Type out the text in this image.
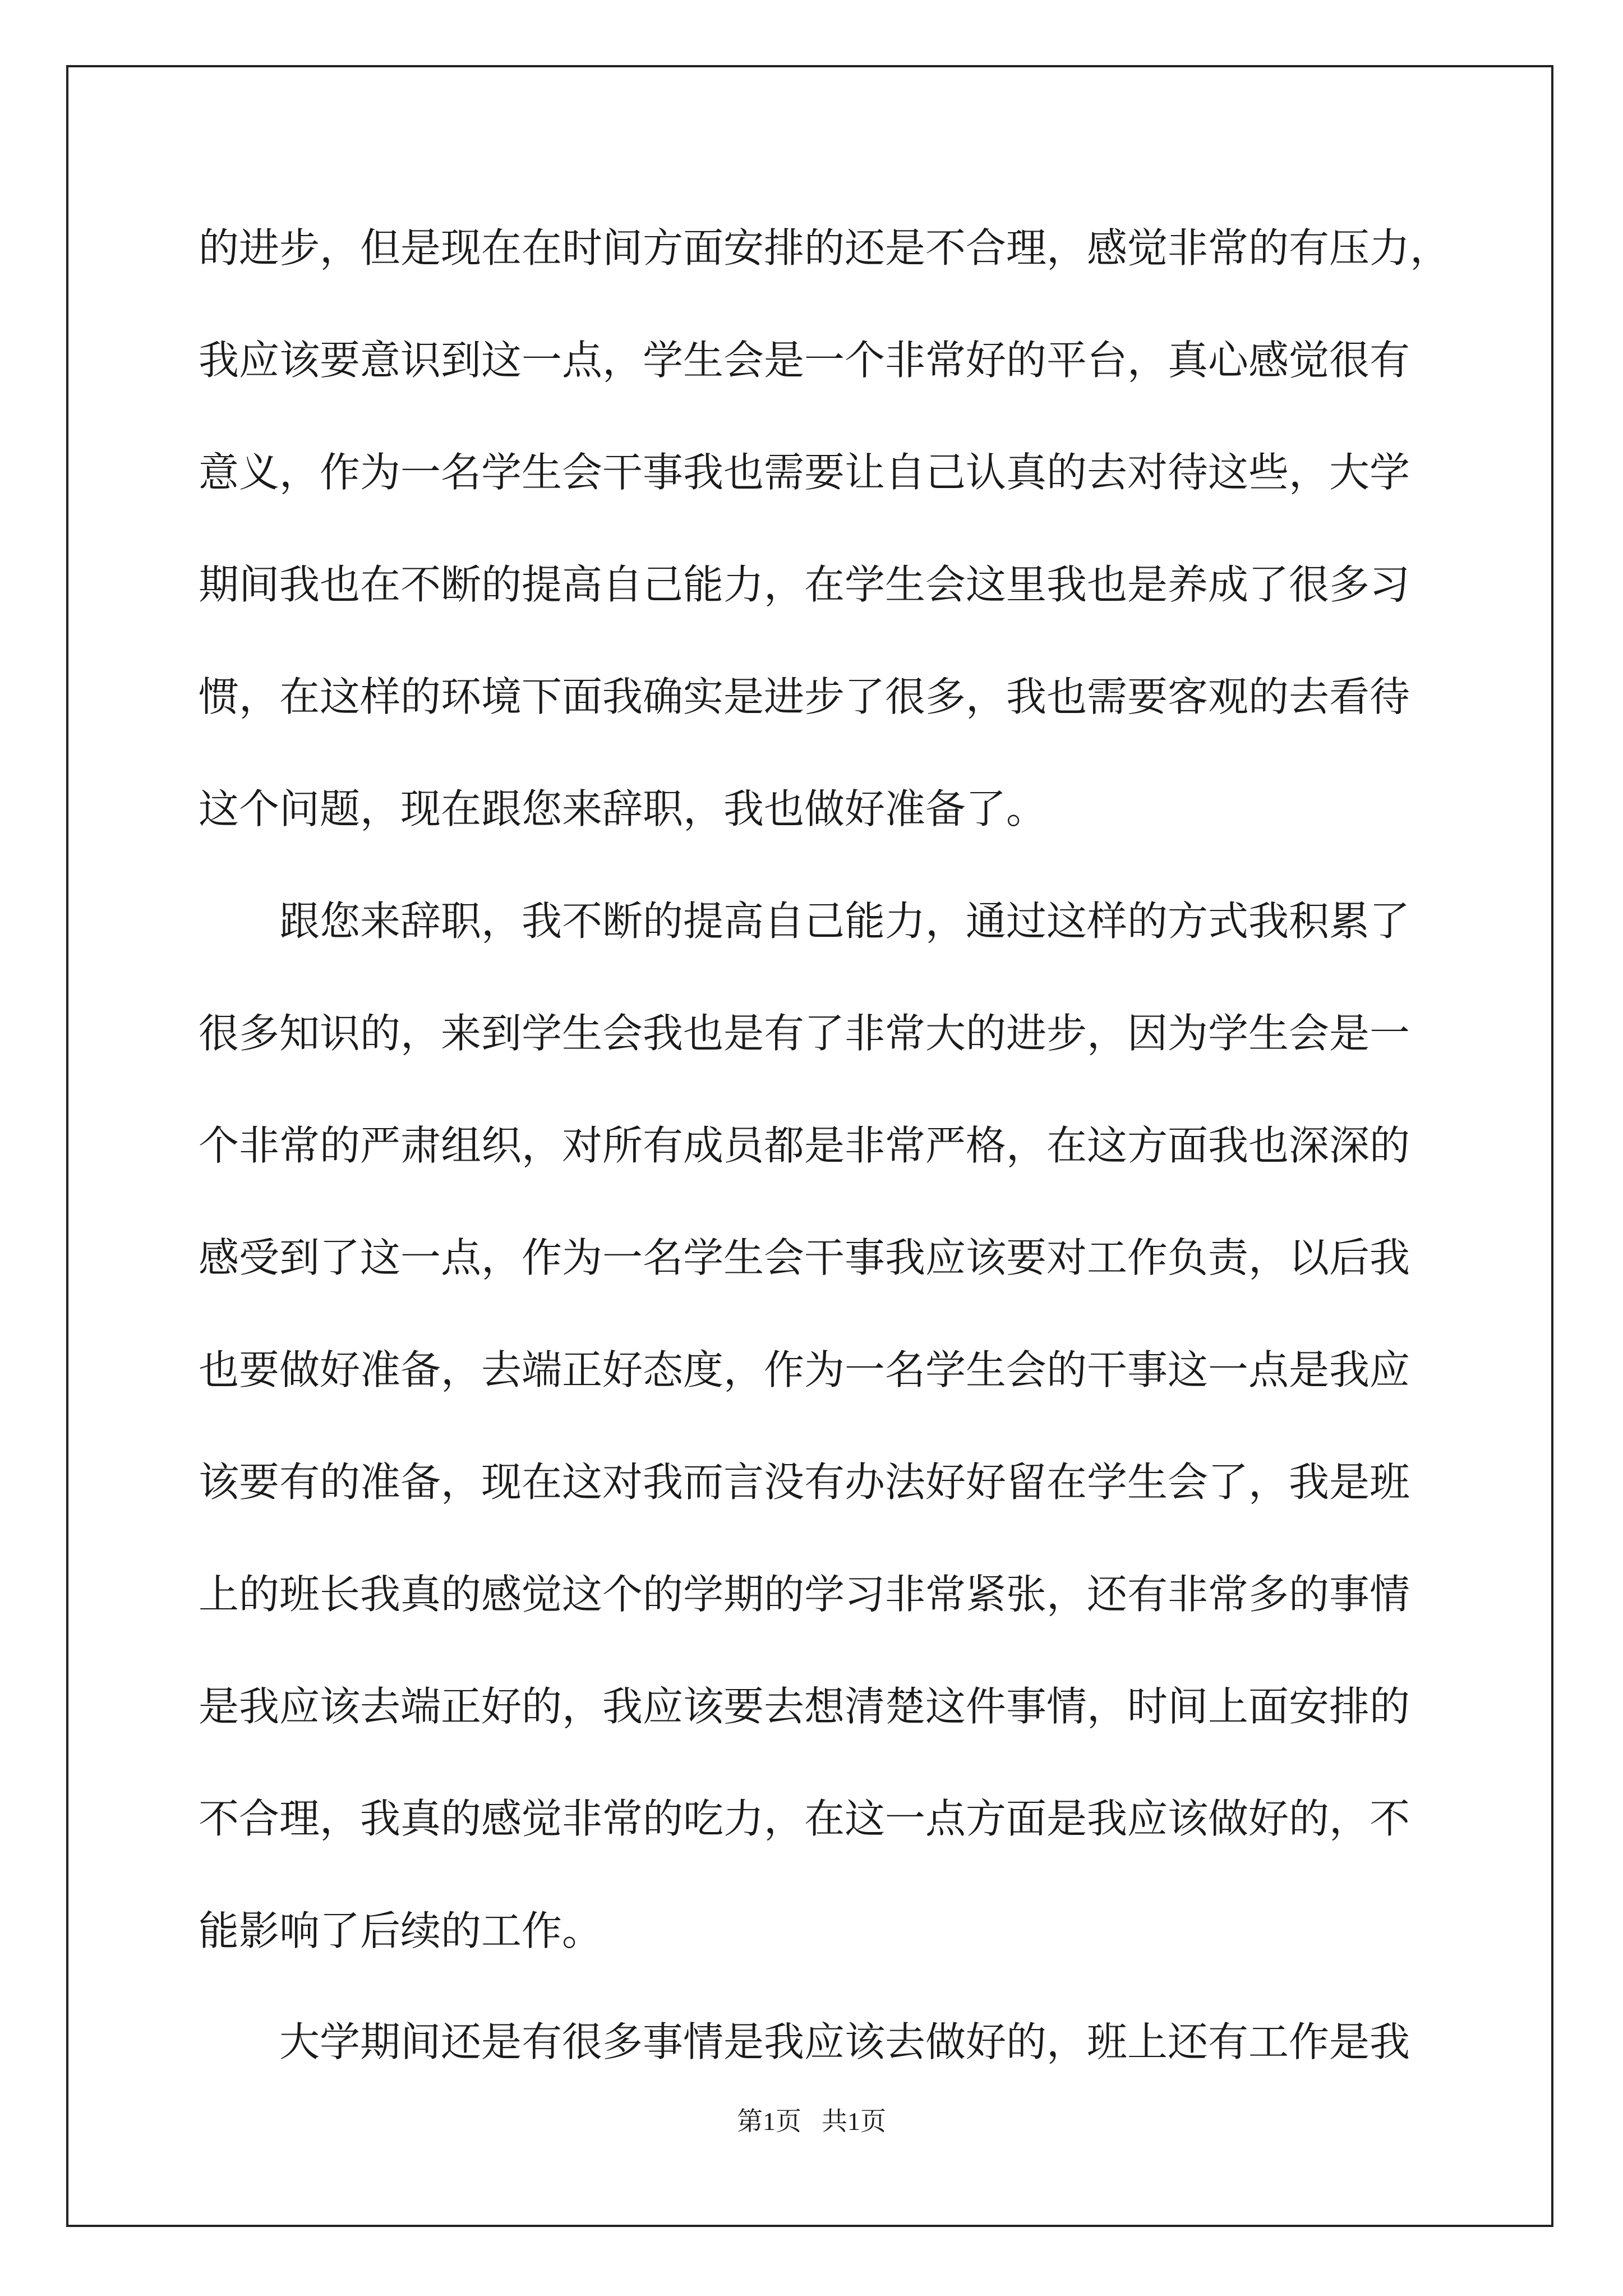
的进步，但是现在在时间方面安排的还是不合理，感觉非常的有压力，
我应该要意识到这一点，学生会是一个非常好的平台，真心感觉很有
意义，作为一名学生会干事我也需要让自己认真的去对待这些，大学
期间我也在不断的提高自己能力，在学生会这里我也是养成了很多习
惯，在这样的环境下面我确实是进步了很多，我也需要客观的去看待
这个问题，现在跟您来辞职，我也做好准备了。
跟您来辞职，我不断的提高自己能力，通过这样的方式我积累了
很多知识的，来到学生会我也是有了非常大的进步，因为学生会是一
个非常的严肃组织，对所有成员都是非常严格，在这方面我也深深的
感受到了这一点，作为一名学生会干事我应该要对工作负责，以后我
也要做好准备，去端正好态度，作为一名学生会的干事这一点是我应
该要有的准备，现在这对我而言没有办法好好留在学生会了，我是班
上的班长我真的感觉这个的学期的学习非常紧张，还有非常多的事情
是我应该去端正好的，我应该要去想清楚这件事情，时间上面安排的
不合理，我真的感觉非常的吃力，在这一点方面是我应该做好的，不
能影响了后续的工作。
大学期间还是有很多事情是我应该去做好的，班上还有工作是我
第1页 共1页
